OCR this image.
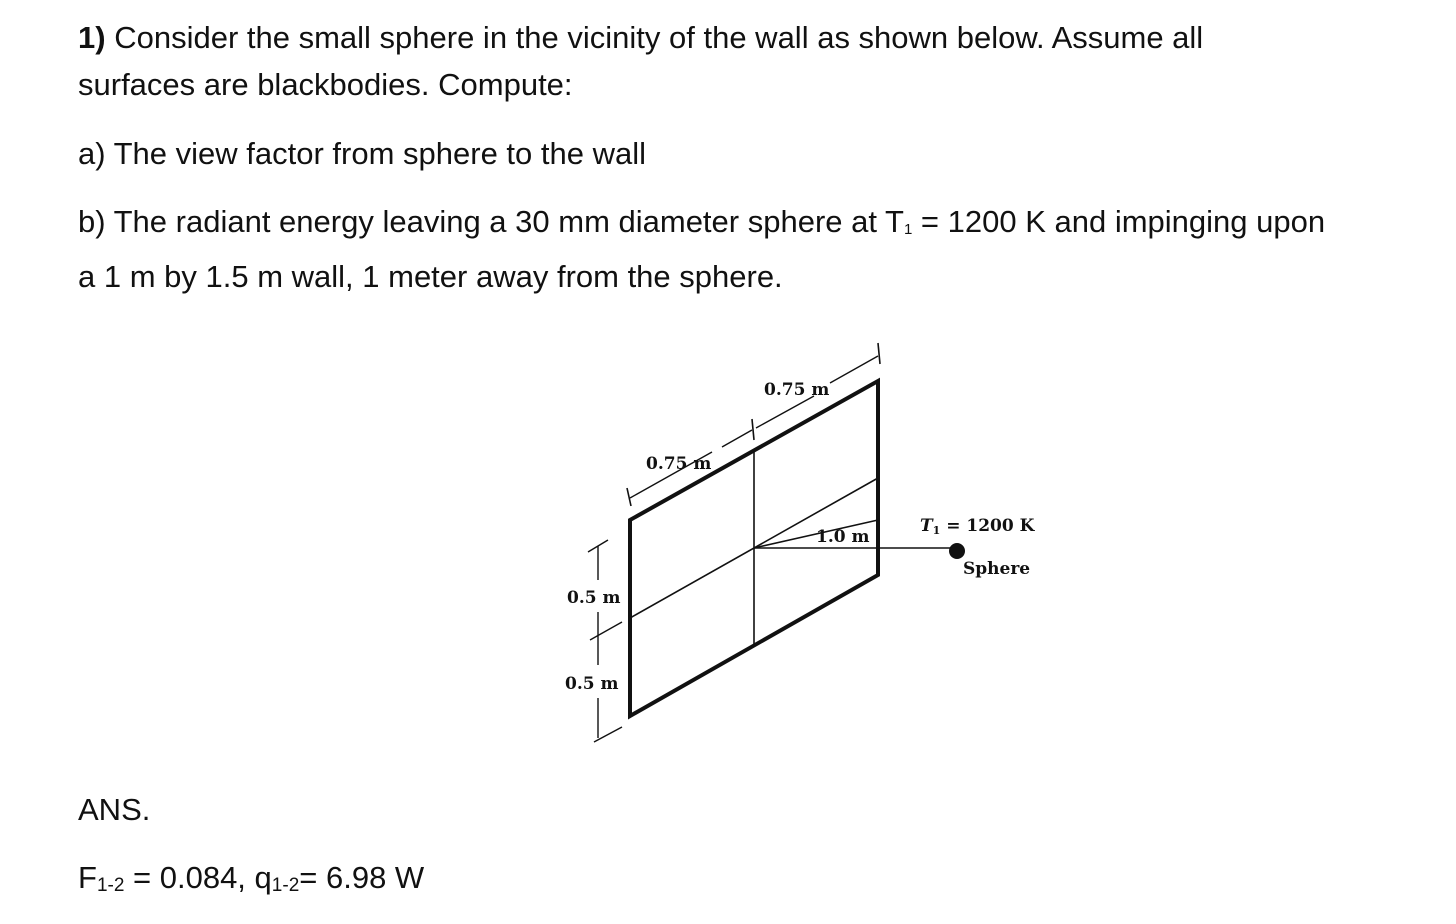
1) Consider the small sphere in the vicinity of the wall as shown below. Assume all
surfaces are blackbodies. Compute:

a) The view factor from sphere to the wall

b) The radiant energy leaving a 30 mm diameter sphere at T1 = 1200 K and impinging upon
a 1 m by 1.5 m wall, 1 meter away from the sphere.

0.75 m
0.75 m
1.0 m
0.5 m
0.5 m
T1 = 1200 K
Sphere

ANS.

F1-2 = 0.084, q1-2= 6.98 W
